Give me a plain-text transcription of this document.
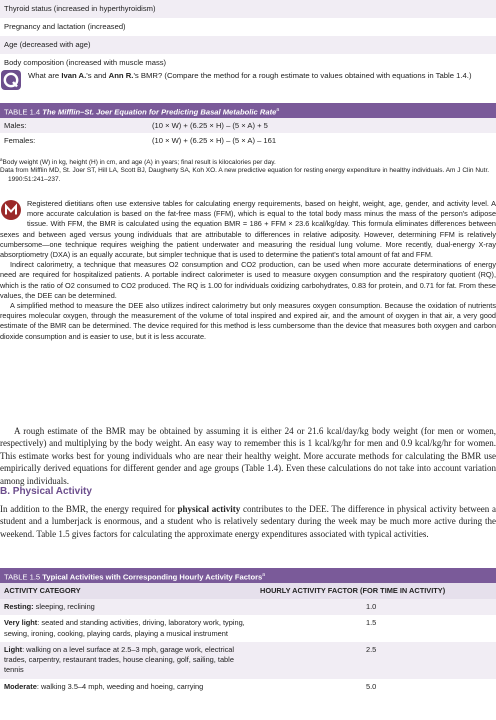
Thyroid status (increased in hyperthyroidism)
Pregnancy and lactation (increased)
Age (decreased with age)
Body composition (increased with muscle mass)
What are Ivan A.'s and Ann R.'s BMR? (Compare the method for a rough estimate to values obtained with equations in Table 1.4.)
TABLE 1.4 The Mifflin–St. Joer Equation for Predicting Basal Metabolic Rate$^a$
Males:	(10 × W) + (6.25 × H) – (5 × A) + 5
Females:	(10 × W) + (6.25 × H) – (5 × A) – 161
$^a$Body weight (W) in kg, height (H) in cm, and age (A) in years; final result is kilocalories per day.
Data from Mifflin MD, St. Joer ST, Hill LA, Scott BJ, Daugherty SA, Koh XO. A new predictive equation for resting energy expenditure in healthy individuals. Am J Clin Nutr. 1990:51:241–237.

Registered dietitians often use extensive tables for calculating energy requirements, based on height, weight, age, gender, and activity level. A more accurate calculation is based on the fat-free mass (FFM), which is equal to the total body mass minus the mass of the person's adipose tissue. With FFM, the BMR is calculated using the equation BMR = 186 + FFM × 23.6 kcal/kg/day. This formula eliminates differences between sexes and between aged versus young individuals that are attributable to differences in relative adiposity. However, determining FFM is relatively cumbersome—one technique requires weighing the patient underwater and measuring the residual lung volume. More recently, dual-energy X-ray absorptiometry (DXA) is an equally accurate, but simpler technique that is used to determine the patient's total amount of fat and FFM.

Indirect calorimetry, a technique that measures O2 consumption and CO2 production, can be used when more accurate determinations of energy need are required for hospitalized patients. A portable indirect calorimeter is used to measure oxygen consumption and the respiratory quotient (RQ), which is the ratio of O2 consumed to CO2 produced. The RQ is 1.00 for individuals oxidizing carbohydrates, 0.83 for protein, and 0.71 for fat. From these values, the DEE can be determined.

A simplified method to measure the DEE also utilizes indirect calorimetry but only measures oxygen consumption. Because the oxidation of nutrients requires molecular oxygen, through the measurement of the volume of total inspired and expired air, and the amount of oxygen in that air, a very good estimate of the BMR can be determined. The device required for this method is less cumbersome than the device that measures both oxygen and carbon dioxide consumption and is easier to use, but it is less accurate.

A rough estimate of the BMR may be obtained by assuming it is either 24 or 21.6 kcal/day/kg body weight (for men or women, respectively) and multiplying by the body weight. An easy way to remember this is 1 kcal/kg/hr for men and 0.9 kcal/kg/hr for women. This estimate works best for young individuals who are near their healthy weight. More accurate methods for calculating the BMR use empirically derived equations for different gender and age groups (Table 1.4). Even these calculations do not take into account variation among individuals.

B. Physical Activity

In addition to the BMR, the energy required for physical activity contributes to the DEE. The difference in physical activity between a student and a lumberjack is enormous, and a student who is relatively sedentary during the week may be much more active during the weekend. Table 1.5 gives factors for calculating the approximate energy expenditures associated with typical activities.

TABLE 1.5 Typical Activities with Corresponding Hourly Activity Factors$^a$
ACTIVITY CATEGORY	HOURLY ACTIVITY FACTOR (FOR TIME IN ACTIVITY)
Resting: sleeping, reclining	1.0
Very light: seated and standing activities, driving, laboratory work, typing, sewing, ironing, cooking, playing cards, playing a musical instrument
1.5
Light: walking on a level surface at 2.5–3 mph, garage work, electrical trades, carpentry, restaurant trades, house cleaning, golf, sailing, table tennis
2.5
Moderate: walking 3.5–4 mph, weeding and hoeing, carrying	5.0
